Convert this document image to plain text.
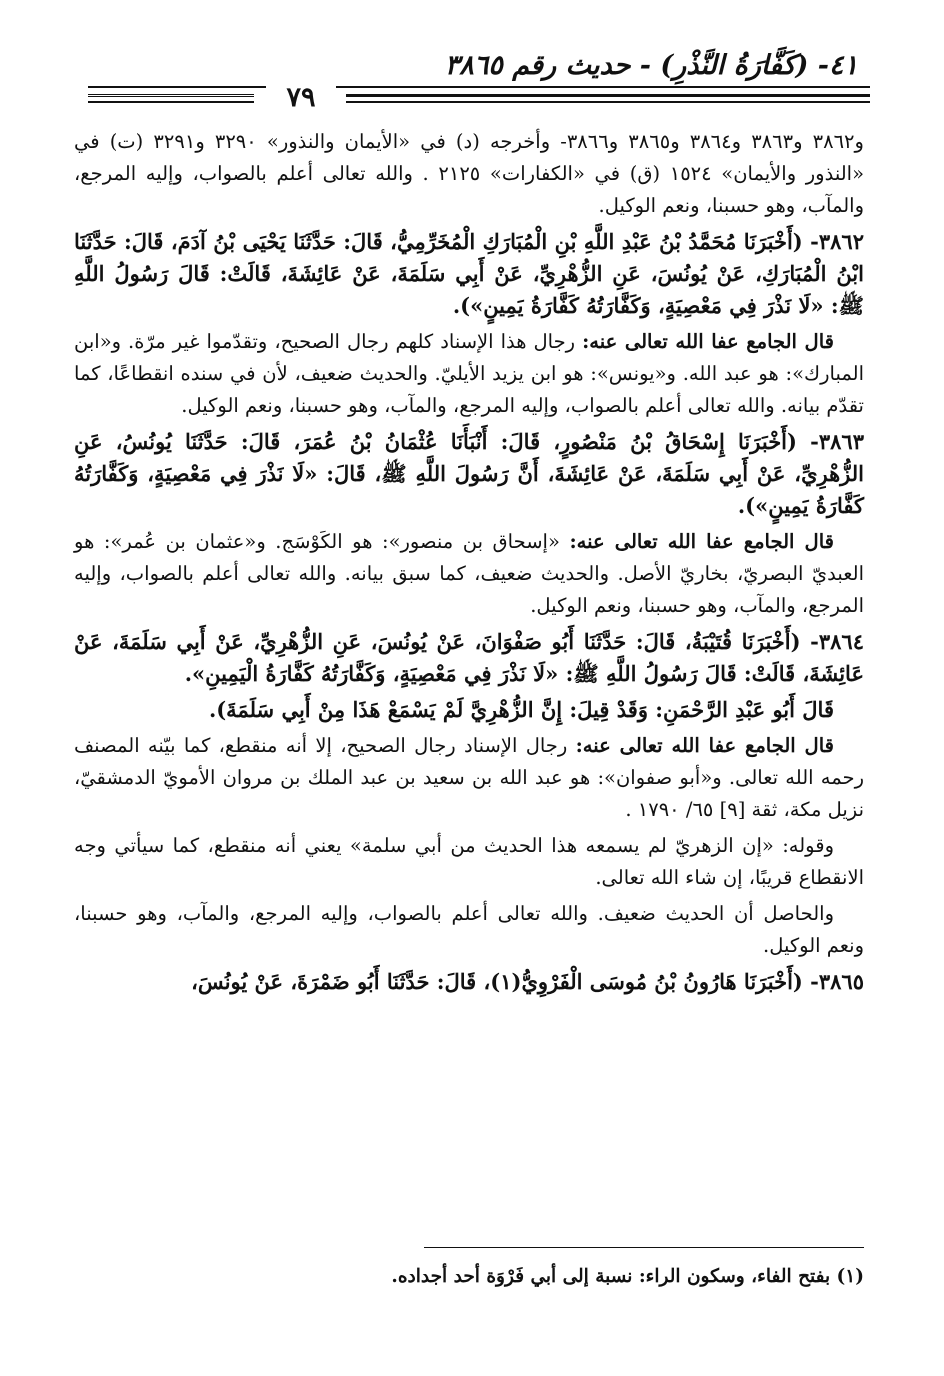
٤١- (كَفَّارَةُ النَّذْرِ) - حديث رقم ٣٨٦٥
٧٩

و٣٨٦٢ و٣٨٦٣ و٣٨٦٤ و٣٨٦٥ و٣٨٦٦- وأخرجه (د) في «الأيمان والنذور» ٣٢٩٠ و٣٢٩١ (ت) في «النذور والأيمان» ١٥٢٤ (ق) في «الكفارات» ٢١٢٥ . والله تعالى أعلم بالصواب، وإليه المرجع، والمآب، وهو حسبنا، ونعم الوكيل.

٣٨٦٢- (أَخْبَرَنَا مُحَمَّدُ بْنُ عَبْدِ اللَّهِ بْنِ الْمُبَارَكِ الْمُخَرِّمِيُّ، قَالَ: حَدَّثَنَا يَحْيَى بْنُ آدَمَ، قَالَ: حَدَّثَنَا ابْنُ الْمُبَارَكِ، عَنْ يُونُسَ، عَنِ الزُّهْرِيِّ، عَنْ أَبِي سَلَمَةَ، عَنْ عَائِشَةَ، قَالَتْ: قَالَ رَسُولُ اللَّهِ ﷺ: «لَا نَذْرَ فِي مَعْصِيَةٍ، وَكَفَّارَتُهُ كَفَّارَةُ يَمِينٍ»).

قال الجامع عفا الله تعالى عنه: رجال هذا الإسناد كلهم رجال الصحيح، وتقدّموا غير مرّة. و«ابن المبارك»: هو عبد الله. و«يونس»: هو ابن يزيد الأيليّ. والحديث ضعيف، لأن في سنده انقطاعًا، كما تقدّم بيانه. والله تعالى أعلم بالصواب، وإليه المرجع، والمآب، وهو حسبنا، ونعم الوكيل.

٣٨٦٣- (أَخْبَرَنَا إِسْحَاقُ بْنُ مَنْصُورٍ، قَالَ: أَنْبَأَنَا عُثْمَانُ بْنُ عُمَرَ، قَالَ: حَدَّثَنَا يُونُسُ، عَنِ الزُّهْرِيِّ، عَنْ أَبِي سَلَمَةَ، عَنْ عَائِشَةَ، أَنَّ رَسُولَ اللَّهِ ﷺ، قَالَ: «لَا نَذْرَ فِي مَعْصِيَةٍ، وَكَفَّارَتُهُ كَفَّارَةُ يَمِينٍ»).

قال الجامع عفا الله تعالى عنه: «إسحاق بن منصور»: هو الكَوْسَج. و«عثمان بن عُمر»: هو العبديّ البصريّ، بخاريّ الأصل. والحديث ضعيف، كما سبق بيانه. والله تعالى أعلم بالصواب، وإليه المرجع، والمآب، وهو حسبنا، ونعم الوكيل.

٣٨٦٤- (أَخْبَرَنَا قُتَيْبَةُ، قَالَ: حَدَّثَنَا أَبُو صَفْوَانَ، عَنْ يُونُسَ، عَنِ الزُّهْرِيِّ، عَنْ أَبِي سَلَمَةَ، عَنْ عَائِشَةَ، قَالَتْ: قَالَ رَسُولُ اللَّهِ ﷺ: «لَا نَذْرَ فِي مَعْصِيَةٍ، وَكَفَّارَتُهُ كَفَّارَةُ الْيَمِينِ».

قَالَ أَبُو عَبْدِ الرَّحْمَنِ: وَقَدْ قِيلَ: إِنَّ الزُّهْرِيَّ لَمْ يَسْمَعْ هَذَا مِنْ أَبِي سَلَمَةَ).

قال الجامع عفا الله تعالى عنه: رجال الإسناد رجال الصحيح، إلا أنه منقطع، كما بيّنه المصنف رحمه الله تعالى. و«أبو صفوان»: هو عبد الله بن سعيد بن عبد الملك بن مروان الأمويّ الدمشقيّ، نزيل مكة، ثقة [٩] ٦٥/ ١٧٩٠ .

وقوله: «إن الزهريّ لم يسمعه هذا الحديث من أبي سلمة» يعني أنه منقطع، كما سيأتي وجه الانقطاع قريبًا، إن شاء الله تعالى.

والحاصل أن الحديث ضعيف. والله تعالى أعلم بالصواب، وإليه المرجع، والمآب، وهو حسبنا، ونعم الوكيل.

٣٨٦٥- (أَخْبَرَنَا هَارُونُ بْنُ مُوسَى الْفَرْوِيُّ(١)، قَالَ: حَدَّثَنَا أَبُو ضَمْرَةَ، عَنْ يُونُسَ،

(١) بفتح الفاء، وسكون الراء: نسبة إلى أبي فَرْوَة أحد أجداده.
